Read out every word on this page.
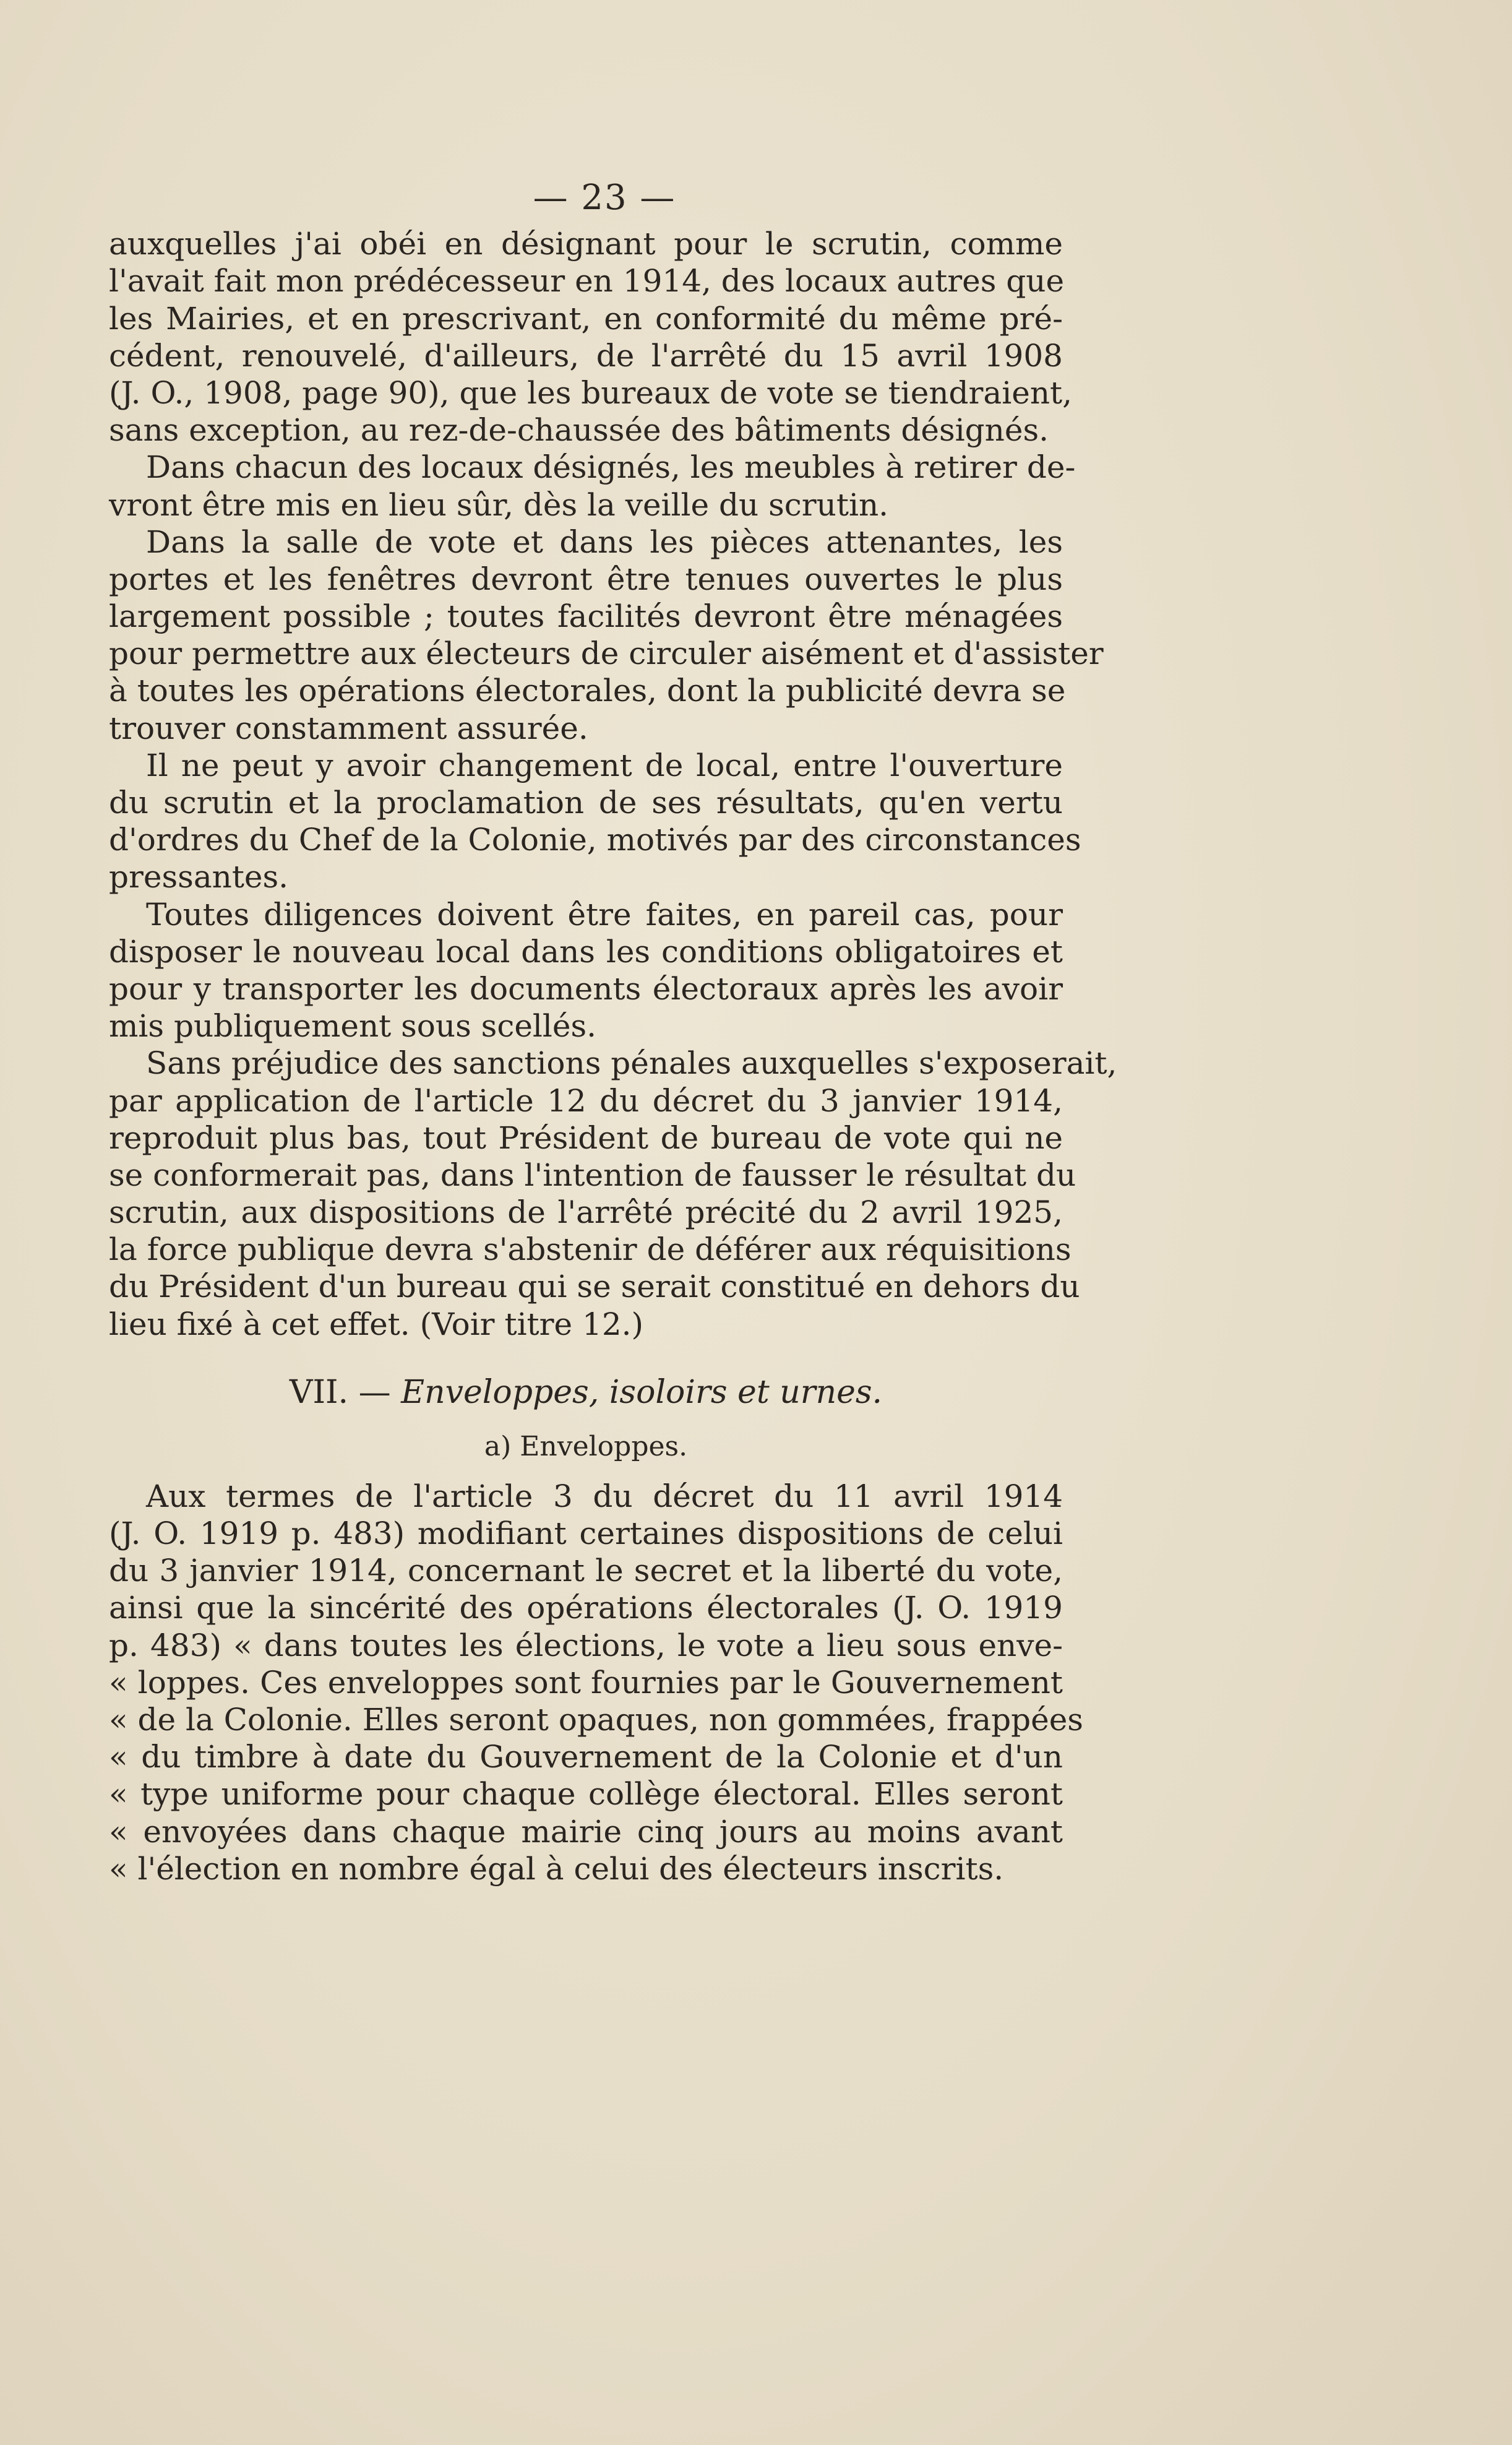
— 23 —
auxquelles j'ai obéi en désignant pour le scrutin, comme
l'avait fait mon prédécesseur en 1914, des locaux autres que
les Mairies, et en prescrivant, en conformité du même pré-
cédent, renouvelé, d'ailleurs, de l'arrêté du 15 avril 1908
(J. O., 1908, page 90), que les bureaux de vote se tiendraient,
sans exception, au rez-de-chaussée des bâtiments désignés.
Dans chacun des locaux désignés, les meubles à retirer de-
vront être mis en lieu sûr, dès la veille du scrutin.
Dans la salle de vote et dans les pièces attenantes, les
portes et les fenêtres devront être tenues ouvertes le plus
largement possible ; toutes facilités devront être ménagées
pour permettre aux électeurs de circuler aisément et d'assister
à toutes les opérations électorales, dont la publicité devra se
trouver constamment assurée.
Il ne peut y avoir changement de local, entre l'ouverture
du scrutin et la proclamation de ses résultats, qu'en vertu
d'ordres du Chef de la Colonie, motivés par des circonstances
pressantes.
Toutes diligences doivent être faites, en pareil cas, pour
disposer le nouveau local dans les conditions obligatoires et
pour y transporter les documents électoraux après les avoir
mis publiquement sous scellés.
Sans préjudice des sanctions pénales auxquelles s'exposerait,
par application de l'article 12 du décret du 3 janvier 1914,
reproduit plus bas, tout Président de bureau de vote qui ne
se conformerait pas, dans l'intention de fausser le résultat du
scrutin, aux dispositions de l'arrêté précité du 2 avril 1925,
la force publique devra s'abstenir de déférer aux réquisitions
du Président d'un bureau qui se serait constitué en dehors du
lieu fixé à cet effet. (Voir titre 12.)
VII. — Enveloppes, isoloirs et urnes.
a) Enveloppes.
Aux termes de l'article 3 du décret du 11 avril 1914
(J. O. 1919 p. 483) modifiant certaines dispositions de celui
du 3 janvier 1914, concernant le secret et la liberté du vote,
ainsi que la sincérité des opérations électorales (J. O. 1919
p. 483) « dans toutes les élections, le vote a lieu sous enve-
« loppes. Ces enveloppes sont fournies par le Gouvernement
« de la Colonie. Elles seront opaques, non gommées, frappées
« du timbre à date du Gouvernement de la Colonie et d'un
« type uniforme pour chaque collège électoral. Elles seront
« envoyées dans chaque mairie cinq jours au moins avant
« l'élection en nombre égal à celui des électeurs inscrits.
